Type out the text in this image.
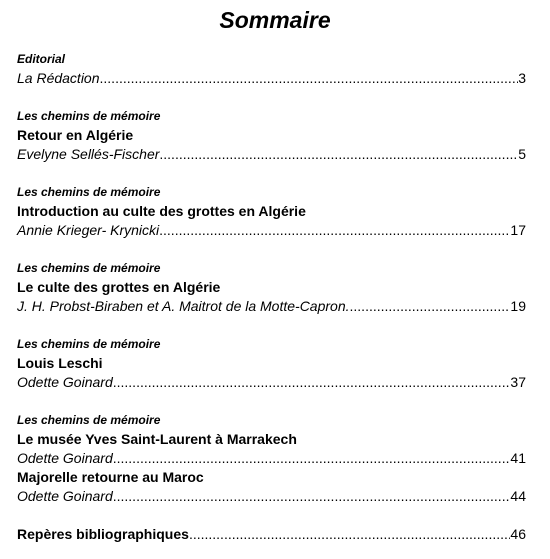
Sommaire
Editorial
La Rédaction .....	3
Les chemins de mémoire
Retour en Algérie
Evelyne Sellés-Fischer .....	5
Les chemins de mémoire
Introduction au culte des grottes en Algérie
Annie Krieger- Krynicki .....	17
Les chemins de mémoire
Le culte des grottes en Algérie
J. H. Probst-Biraben et A. Maitrot de la Motte-Capron. .....	19
Les chemins de mémoire
Louis Leschi
Odette Goinard .....	37
Les chemins de mémoire
Le musée Yves Saint-Laurent à Marrakech
Odette Goinard .....	41
Majorelle retourne au Maroc
Odette Goinard .....	44
Repères bibliographiques .....	46
